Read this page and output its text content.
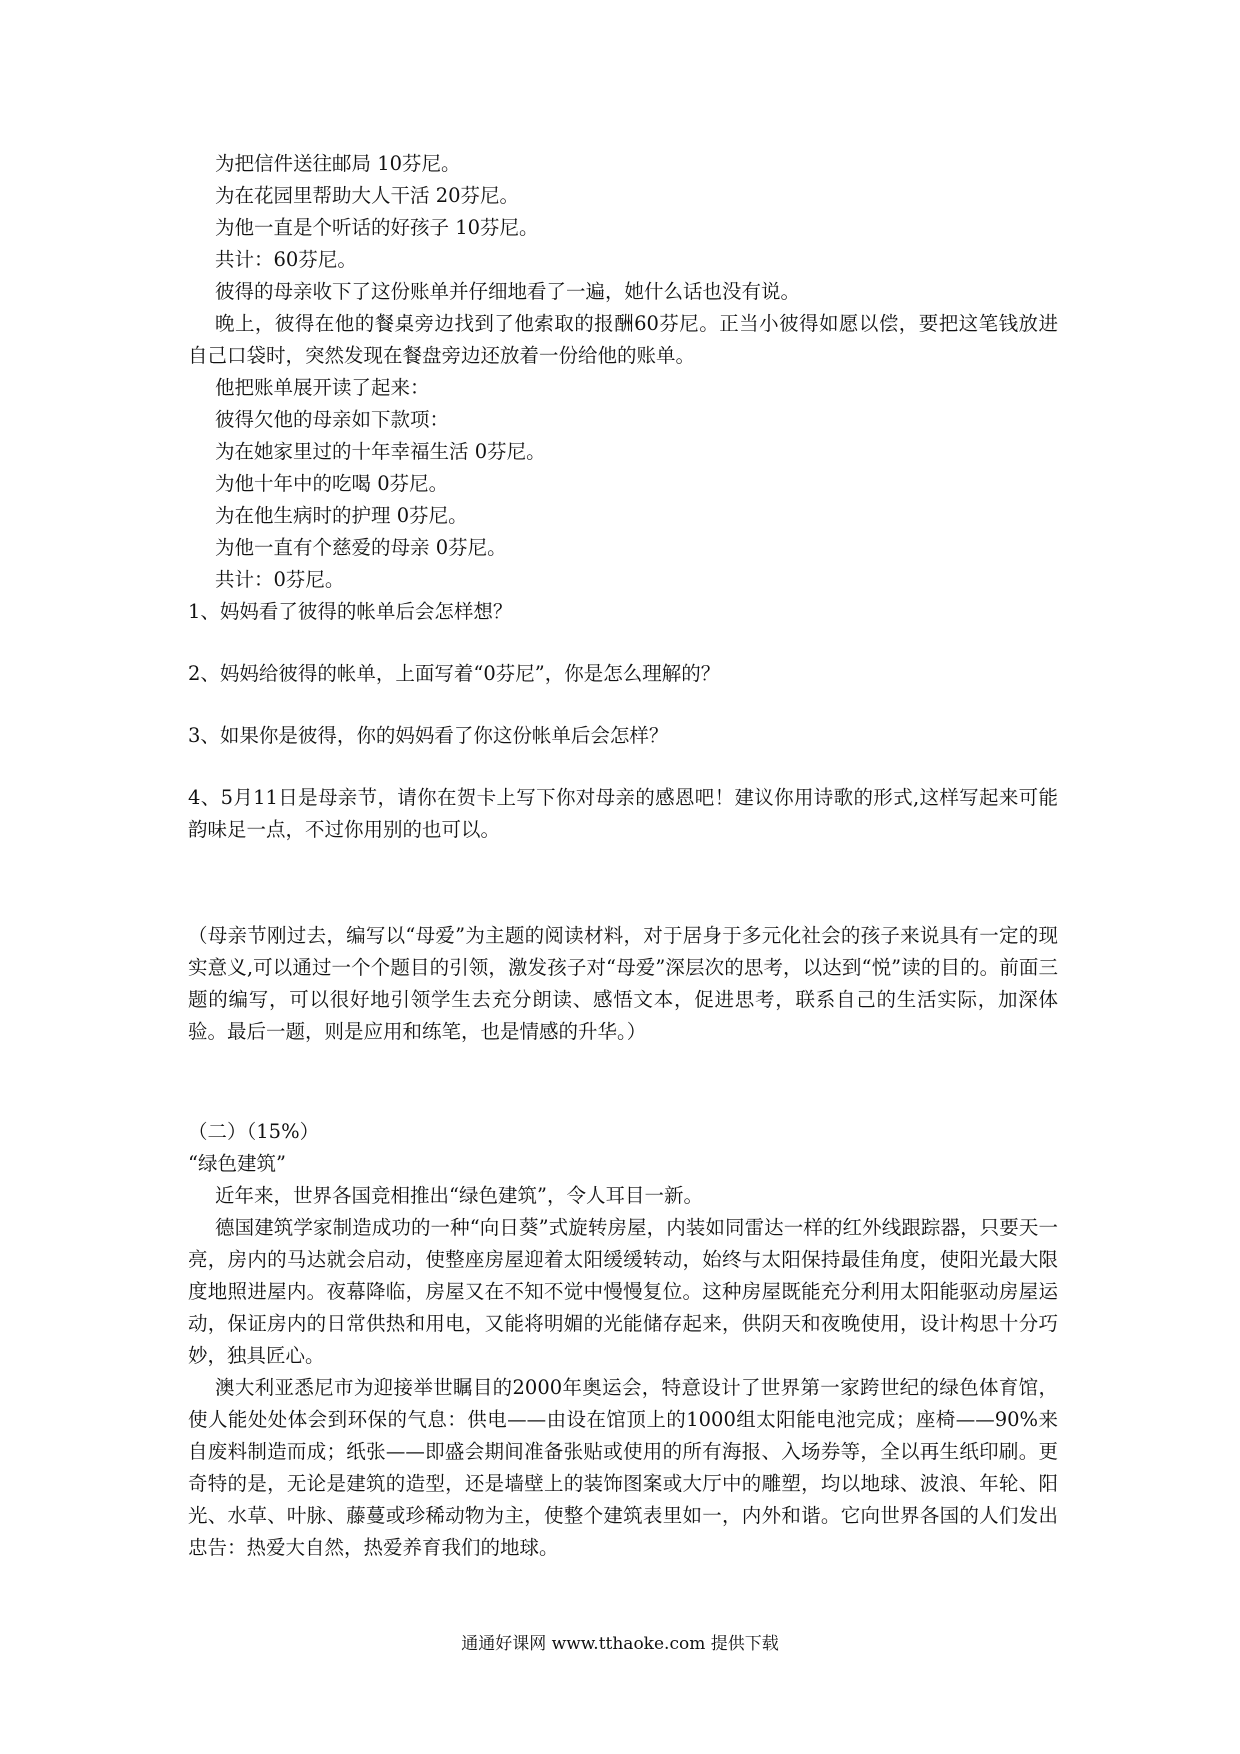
为把信件送往邮局 10芬尼。
为在花园里帮助大人干活 20芬尼。
为他一直是个听话的好孩子 10芬尼。
共计：60芬尼。
彼得的母亲收下了这份账单并仔细地看了一遍，她什么话也没有说。

晚上，彼得在他的餐桌旁边找到了他索取的报酬60芬尼。正当小彼得如愿以偿，要把这笔钱放进自己口袋时，突然发现在餐盘旁边还放着一份给他的账单。

他把账单展开读了起来：
彼得欠他的母亲如下款项：
为在她家里过的十年幸福生活 0芬尼。
为他十年中的吃喝 0芬尼。
为在他生病时的护理 0芬尼。
为他一直有个慈爱的母亲 0芬尼。
共计：0芬尼。
1、妈妈看了彼得的帐单后会怎样想？
2、妈妈给彼得的帐单，上面写着“0芬尼”，你是怎么理解的？
3、如果你是彼得，你的妈妈看了你这份帐单后会怎样？

4、5月11日是母亲节，请你在贺卡上写下你对母亲的感恩吧！建议你用诗歌的形式,这样写起来可能韵味足一点，不过你用别的也可以。

（母亲节刚过去，编写以“母爱”为主题的阅读材料，对于居身于多元化社会的孩子来说具有一定的现实意义,可以通过一个个题目的引领，激发孩子对“母爱”深层次的思考，以达到“悦”读的目的。前面三题的编写，可以很好地引领学生去充分朗读、感悟文本，促进思考，联系自己的生活实际，加深体验。最后一题，则是应用和练笔，也是情感的升华。）

（二）（15%）
“绿色建筑”

近年来，世界各国竞相推出“绿色建筑”，令人耳目一新。

德国建筑学家制造成功的一种“向日葵”式旋转房屋，内装如同雷达一样的红外线跟踪器，只要天一亮，房内的马达就会启动，使整座房屋迎着太阳缓缓转动，始终与太阳保持最佳角度，使阳光最大限度地照进屋内。夜幕降临，房屋又在不知不觉中慢慢复位。这种房屋既能充分利用太阳能驱动房屋运动，保证房内的日常供热和用电，又能将明媚的光能储存起来，供阴天和夜晚使用，设计构思十分巧妙，独具匠心。

澳大利亚悉尼市为迎接举世瞩目的2000年奥运会，特意设计了世界第一家跨世纪的绿色体育馆，使人能处处体会到环保的气息：供电——由设在馆顶上的1000组太阳能电池完成；座椅——90%来自废料制造而成；纸张——即盛会期间准备张贴或使用的所有海报、入场券等，全以再生纸印刷。更奇特的是，无论是建筑的造型，还是墙壁上的装饰图案或大厅中的雕塑，均以地球、波浪、年轮、阳光、水草、叶脉、藤蔓或珍稀动物为主，使整个建筑表里如一，内外和谐。它向世界各国的人们发出忠告：热爱大自然，热爱养育我们的地球。

通通好课网 www.tthaoke.com 提供下载
